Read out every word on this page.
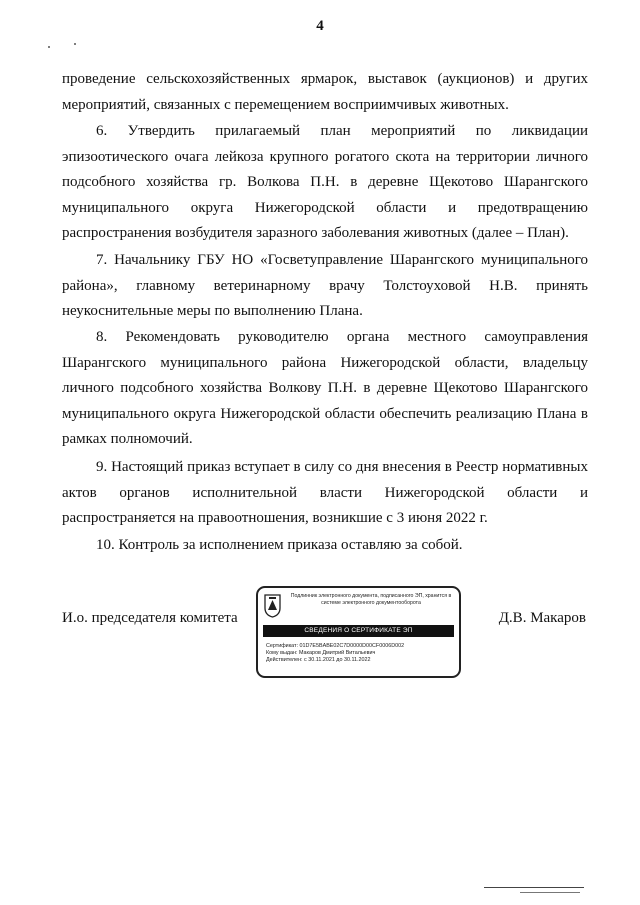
4

проведение сельскохозяйственных ярмарок, выставок (аукционов) и других мероприятий, связанных с перемещением восприимчивых животных.

6. Утвердить прилагаемый план мероприятий по ликвидации эпизоотического очага лейкоза крупного рогатого скота на территории личного подсобного хозяйства гр. Волкова П.Н. в деревне Щекотово Шарангского муниципального округа Нижегородской области и предотвращению распространения возбудителя заразного заболевания животных (далее – План).

7. Начальнику ГБУ НО «Госветуправление Шарангского муниципального района», главному ветеринарному врачу Толстоуховой Н.В. принять неукоснительные меры по выполнению Плана.

8. Рекомендовать руководителю органа местного самоуправления Шарангского муниципального района Нижегородской области, владельцу личного подсобного хозяйства Волкову П.Н. в деревне Щекотово Шарангского муниципального округа Нижегородской области обеспечить реализацию Плана в рамках полномочий.

9. Настоящий приказ вступает в силу со дня внесения в Реестр нормативных актов органов исполнительной власти Нижегородской области и распространяется на правоотношения, возникшие с 3 июня 2022 г.

10. Контроль за исполнением приказа оставляю за собой.

И.о. председателя комитета	Д.В. Макаров
Подлинник электронного документа, подписанного ЭП, хранится в системе электронного документооборота
СВЕДЕНИЯ О СЕРТИФИКАТЕ ЭП
Сертификат: 01D7E5BABE02C7D0000D00CF0006D002
Кому выдан: Макаров Дмитрий Витальевич
Действителен: с 30.11.2021 до 30.11.2022
